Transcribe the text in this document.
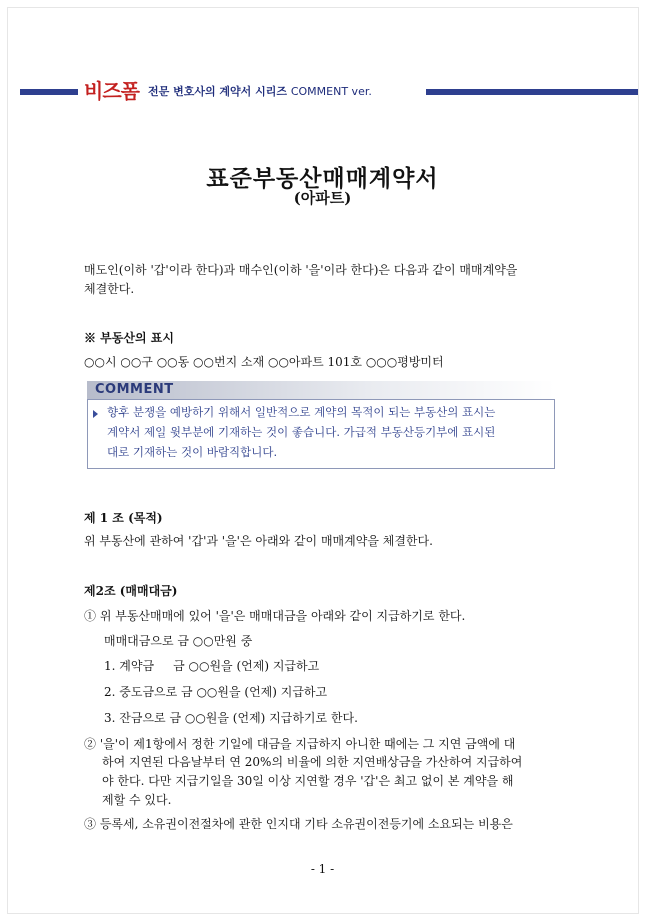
비즈폼 전문 변호사의 계약서 시리즈 COMMENT ver.
표준부동산매매계약서
(아파트)
매도인(이하 '갑'이라 한다)과 매수인(이하 '을'이라 한다)은 다음과 같이 매매계약을
체결한다.
※ 부동산의 표시
○○시 ○○구 ○○동 ○○번지 소재 ○○아파트 101호 ○○○평방미터
COMMENT
향후 분쟁을 예방하기 위해서 일반적으로 계약의 목적이 되는 부동산의 표시는
계약서 제일 윗부분에 기재하는 것이 좋습니다. 가급적 부동산등기부에 표시된
대로 기재하는 것이 바람직합니다.
제 1 조 (목적)
위 부동산에 관하여 '갑'과 '을'은 아래와 같이 매매계약을 체결한다.
제2조 (매매대금)
① 위 부동산매매에 있어 '을'은 매매대금을 아래와 같이 지급하기로 한다.
매매대금으로 금 ○○만원 중
1. 계약금     금 ○○원을 (언제) 지급하고
2. 중도금으로 금 ○○원을 (언제) 지급하고
3. 잔금으로 금 ○○원을 (언제) 지급하기로 한다.
② '을'이 제1항에서 정한 기일에 대금을 지급하지 아니한 때에는 그 지연 금액에 대
하여 지연된 다음날부터 연 20%의 비율에 의한 지연배상금을 가산하여 지급하여
야 한다. 다만 지급기일을 30일 이상 지연할 경우 '갑'은 최고 없이 본 계약을 해
제할 수 있다.
③ 등록세, 소유권이전절차에 관한 인지대 기타 소유권이전등기에 소요되는 비용은
- 1 -
